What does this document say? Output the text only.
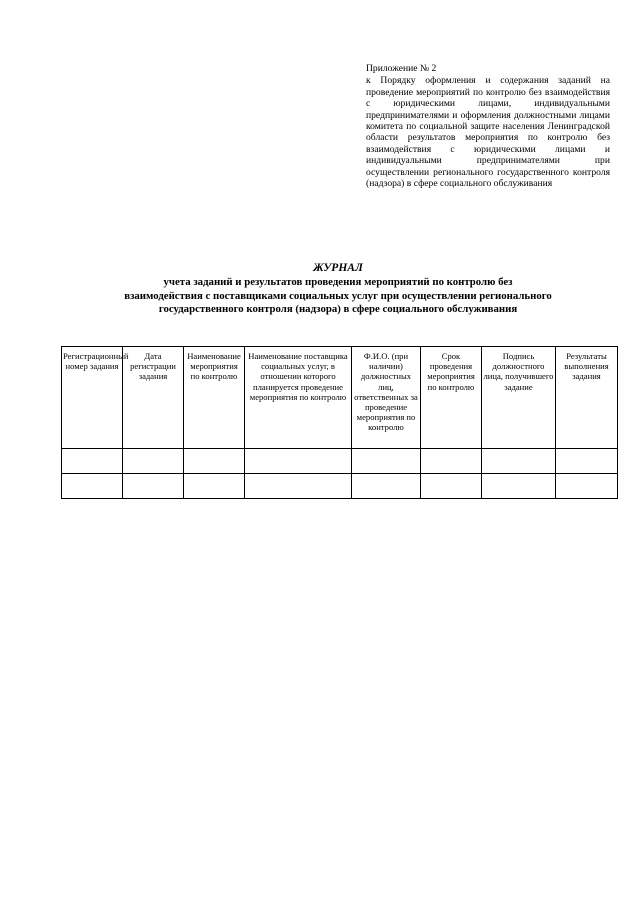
Приложение № 2

к Порядку оформления и содержания заданий на проведение мероприятий по контролю без взаимодействия с юридическими лицами, индивидуальными предпринимателями и оформления должностными лицами комитета по социальной защите населения Ленинградской области результатов мероприятия по контролю без взаимодействия с юридическими лицами и индивидуальными предпринимателями при осуществлении регионального государственного контроля (надзора) в сфере социального обслуживания

ЖУРНАЛ
учета заданий и результатов проведения мероприятий по контролю без
взаимодействия с поставщиками социальных услуг при осуществлении регионального
государственного контроля (надзора) в сфере социального обслуживания
Регистрационный номер задания	Дата регистрации задания	Наименование мероприятия по контролю	Наименование поставщика социальных услуг, в отношении которого планируется проведение мероприятия по контролю	Ф.И.О. (при наличии) должностных лиц, ответственных за проведение мероприятия по контролю	Срок проведения мероприятия по контролю	Подпись должностного лица, получившего задание	Результаты выполнения задания
